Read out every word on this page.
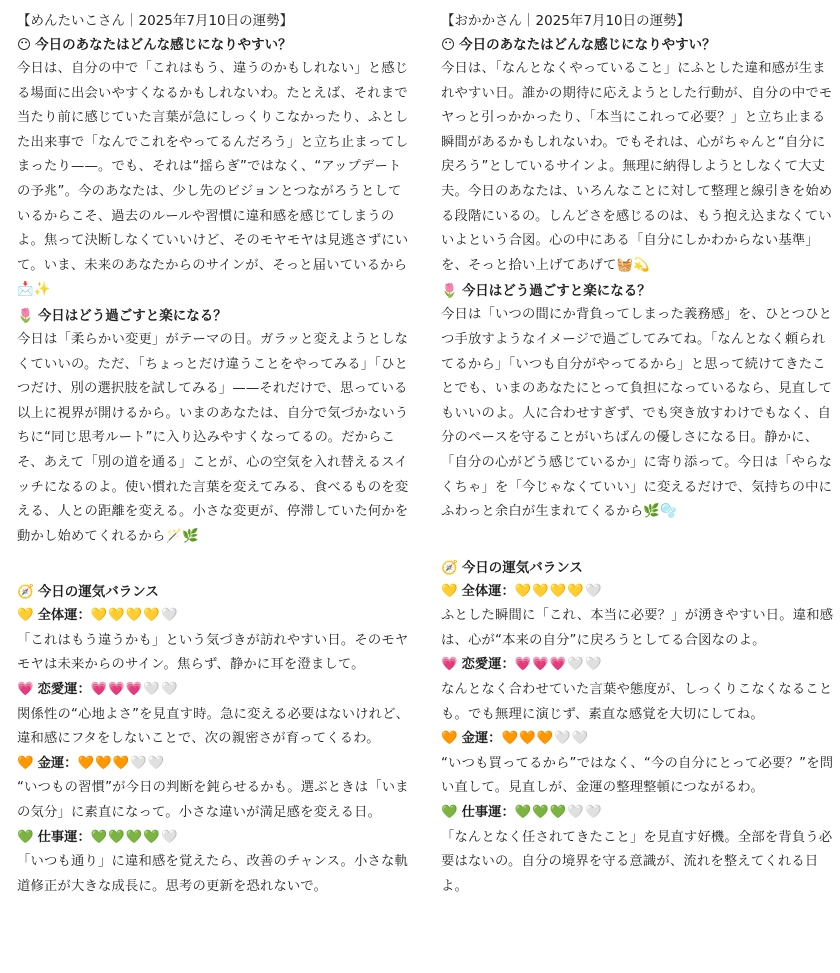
【めんたいこさん｜2025年7月10日の運勢】
😶 今日のあなたはどんな感じになりやすい？

今日は、自分の中で「これはもう、違うのかもしれない」と感じる場面に出会いやすくなるかもしれないわ。たとえば、それまで当たり前に感じていた言葉が急にしっくりこなかったり、ふとした出来事で「なんでこれをやってるんだろう」と立ち止まってしまったり——。でも、それは“揺らぎ”ではなく、“アップデートの予兆”。今のあなたは、少し先のビジョンとつながろうとしているからこそ、過去のルールや習慣に違和感を感じてしまうのよ。焦って決断しなくていいけど、そのモヤモヤは見逃さずにいて。いま、未来のあなたからのサインが、そっと届いているから📩✨

🌷 今日はどう過ごすと楽になる？

今日は「柔らかい変更」がテーマの日。ガラッと変えようとしなくていいの。ただ、「ちょっとだけ違うことをやってみる」「ひとつだけ、別の選択肢を試してみる」——それだけで、思っている以上に視界が開けるから。いまのあなたは、自分で気づかないうちに“同じ思考ルート”に入り込みやすくなってるの。だからこそ、あえて「別の道を通る」ことが、心の空気を入れ替えるスイッチになるのよ。使い慣れた言葉を変えてみる、食べるものを変える、人との距離を変える。小さな変更が、停滞していた何かを動かし始めてくれるから🪄🌿

🧭 今日の運気バランス
💛 全体運：💛💛💛💛🤍

「これはもう違うかも」という気づきが訪れやすい日。そのモヤモヤは未来からのサイン。焦らず、静かに耳を澄まして。

💗 恋愛運：💗💗💗🤍🤍

関係性の“心地よさ”を見直す時。急に変える必要はないけれど、違和感にフタをしないことで、次の親密さが育ってくるわ。

🧡 金運：🧡🧡🧡🤍🤍

“いつもの習慣”が今日の判断を鈍らせるかも。選ぶときは「いまの気分」に素直になって。小さな違いが満足感を変える日。

💚 仕事運：💚💚💚💚🤍

「いつも通り」に違和感を覚えたら、改善のチャンス。小さな軌道修正が大きな成長に。思考の更新を恐れないで。

【おかかさん｜2025年7月10日の運勢】
😶 今日のあなたはどんな感じになりやすい？

今日は、「なんとなくやっていること」にふとした違和感が生まれやすい日。誰かの期待に応えようとした行動が、自分の中でモヤっと引っかかったり、「本当にこれって必要？」と立ち止まる瞬間があるかもしれないわ。でもそれは、心がちゃんと“自分に戻ろう”としているサインよ。無理に納得しようとしなくて大丈夫。今日のあなたは、いろんなことに対して整理と線引きを始める段階にいるの。しんどさを感じるのは、もう抱え込まなくていいよという合図。心の中にある「自分にしかわからない基準」を、そっと拾い上げてあげて🧺💫

🌷 今日はどう過ごすと楽になる？

今日は「いつの間にか背負ってしまった義務感」を、ひとつひとつ手放すようなイメージで過ごしてみてね。「なんとなく頼られてるから」「いつも自分がやってるから」と思って続けてきたことでも、いまのあなたにとって負担になっているなら、見直してもいいのよ。人に合わせすぎず、でも突き放すわけでもなく、自分のペースを守ることがいちばんの優しさになる日。静かに、「自分の心がどう感じているか」に寄り添って。今日は「やらなくちゃ」を「今じゃなくていい」に変えるだけで、気持ちの中にふわっと余白が生まれてくるから🌿🫧

🧭 今日の運気バランス
💛 全体運：💛💛💛💛🤍

ふとした瞬間に「これ、本当に必要？」が湧きやすい日。違和感は、心が“本来の自分”に戻ろうとしてる合図なのよ。

💗 恋愛運：💗💗💗🤍🤍

なんとなく合わせていた言葉や態度が、しっくりこなくなることも。でも無理に演じず、素直な感覚を大切にしてね。

🧡 金運：🧡🧡🧡🤍🤍

“いつも買ってるから”ではなく、“今の自分にとって必要？”を問い直して。見直しが、金運の整理整頓につながるわ。

💚 仕事運：💚💚💚🤍🤍

「なんとなく任されてきたこと」を見直す好機。全部を背負う必要はないの。自分の境界を守る意識が、流れを整えてくれる日よ。
